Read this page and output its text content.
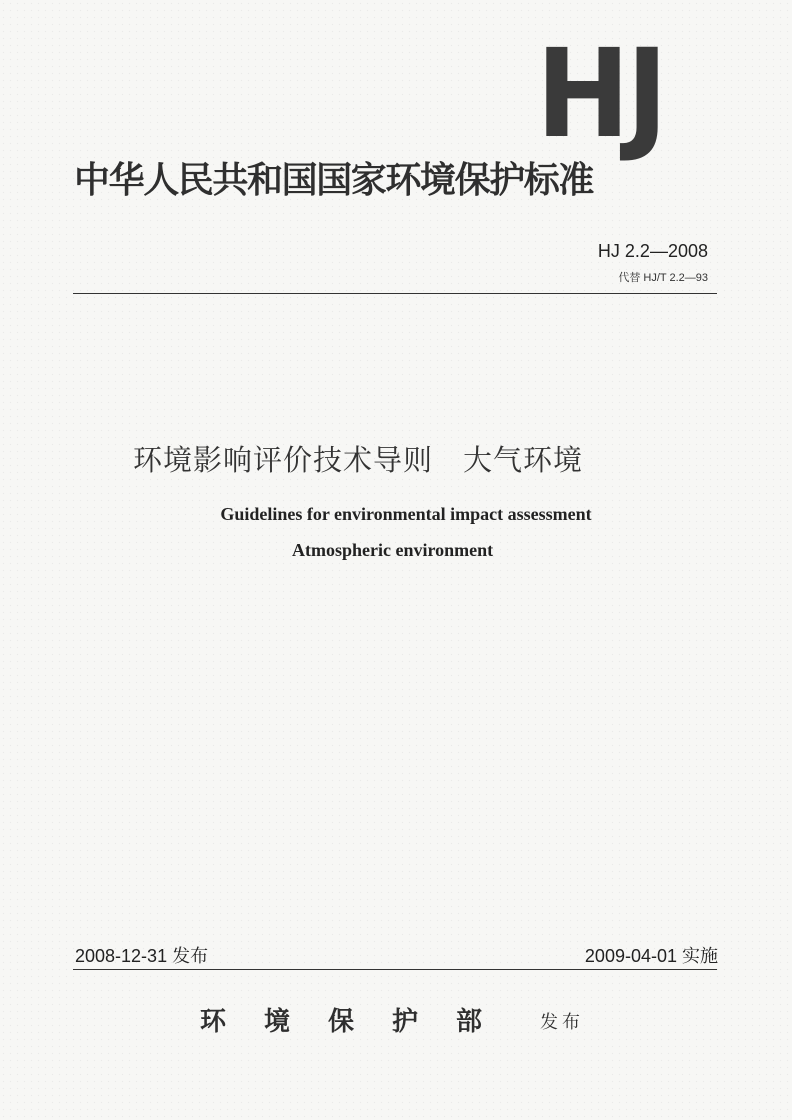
HJ
中华人民共和国国家环境保护标准
HJ 2.2—2008
代替 HJ/T 2.2—93
环境影响评价技术导则 大气环境
Guidelines for environmental impact assessment
Atmospheric environment
2008-12-31 发布	2009-04-01 实施
环境保护部 发布
